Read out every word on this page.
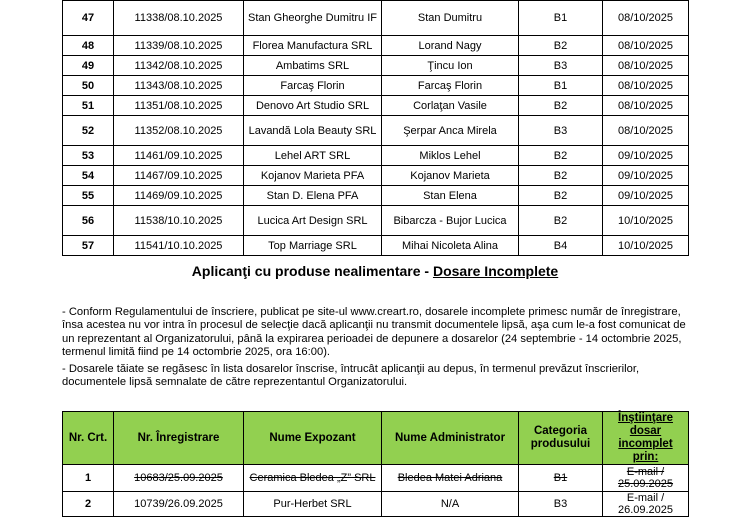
47	11338/08.10.2025	Stan Gheorghe Dumitru IF	Stan Dumitru	B1	08/10/2025
48	11339/08.10.2025	Florea Manufactura SRL	Lorand Nagy	B2	08/10/2025
49	11342/08.10.2025	Ambatims SRL	Ţincu Ion	B3	08/10/2025
50	11343/08.10.2025	Farcaş Florin	Farcaş Florin	B1	08/10/2025
51	11351/08.10.2025	Denovo Art Studio SRL	Corlaţan Vasile	B2	08/10/2025
52	11352/08.10.2025	Lavandă Lola Beauty SRL	Şerpar Anca Mirela	B3	08/10/2025
53	11461/09.10.2025	Lehel ART SRL	Miklos Lehel	B2	09/10/2025
54	11467/09.10.2025	Kojanov Marieta PFA	Kojanov Marieta	B2	09/10/2025
55	11469/09.10.2025	Stan D. Elena PFA	Stan Elena	B2	09/10/2025
56	11538/10.10.2025	Lucica Art Design SRL	Bibarcza - Bujor Lucica	B2	10/10/2025
57	11541/10.10.2025	Top Marriage SRL	Mihai Nicoleta Alina	B4	10/10/2025
Aplicanţi cu produse nealimentare - Dosare Incomplete

- Conform Regulamentului de înscriere, publicat pe site-ul www.creart.ro, dosarele incomplete primesc număr de înregistrare, însa acestea nu vor intra în procesul de selecţie dacă aplicanţii nu transmit documentele lipsă, aşa cum le-a fost comunicat de un reprezentant al Organizatorului, până la expirarea perioadei de depunere a dosarelor (24 septembrie - 14 octombrie 2025, termenul limită fiind pe 14 octombrie 2025, ora 16:00).

- Dosarele tăiate se regăsesc în lista dosarelor înscrise, întrucât aplicanţii au depus, în termenul prevăzut înscrierilor, documentele lipsă semnalate de către reprezentantul Organizatorului.

Nr. Crt.	Nr. Înregistrare	Nume Expozant	Nume Administrator	Categoria produsului	Înştiinţare dosar incomplet prin:
1	10683/25.09.2025	Ceramica Bledea „Z” SRL	Bledea Matei Adriana	B1	E-mail / 25.09.2025
2	10739/26.09.2025	Pur-Herbet SRL	N/A	B3	E-mail / 26.09.2025
